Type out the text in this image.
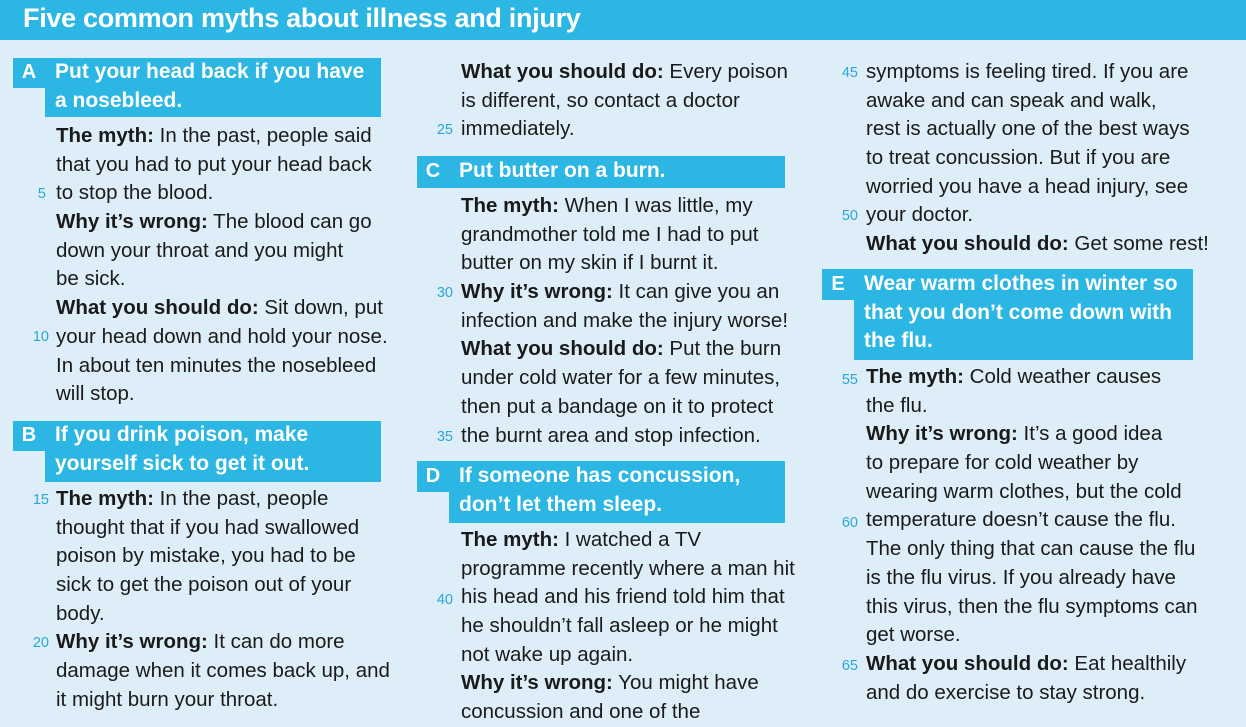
Five common myths about illness and injury
A Put your head back if you have
a nosebleed.
The myth: In the past, people said
that you had to put your head back
to stop the blood.
Why it’s wrong: The blood can go
down your throat and you might
be sick.
What you should do: Sit down, put
your head down and hold your nose.
In about ten minutes the nosebleed
will stop.
5
10
B If you drink poison, make
yourself sick to get it out.
The myth: In the past, people
thought that if you had swallowed
poison by mistake, you had to be
sick to get the poison out of your
body.
Why it’s wrong: It can do more
damage when it comes back up, and
it might burn your throat.
15
20
What you should do: Every poison
is different, so contact a doctor
immediately.
25
C Put butter on a burn.
The myth: When I was little, my
grandmother told me I had to put
butter on my skin if I burnt it.
Why it’s wrong: It can give you an
infection and make the injury worse!
What you should do: Put the burn
under cold water for a few minutes,
then put a bandage on it to protect
the burnt area and stop infection.
30
35
D If someone has concussion,
don’t let them sleep.
The myth: I watched a TV
programme recently where a man hit
his head and his friend told him that
he shouldn’t fall asleep or he might
not wake up again.
Why it’s wrong: You might have
concussion and one of the
40
symptoms is feeling tired. If you are
awake and can speak and walk,
rest is actually one of the best ways
to treat concussion. But if you are
worried you have a head injury, see
your doctor.
What you should do: Get some rest!
45
50
E Wear warm clothes in winter so
that you don’t come down with
the flu.
The myth: Cold weather causes
the flu.
Why it’s wrong: It’s a good idea
to prepare for cold weather by
wearing warm clothes, but the cold
temperature doesn’t cause the flu.
The only thing that can cause the flu
is the flu virus. If you already have
this virus, then the flu symptoms can
get worse.
What you should do: Eat healthily
and do exercise to stay strong.
55
60
65
